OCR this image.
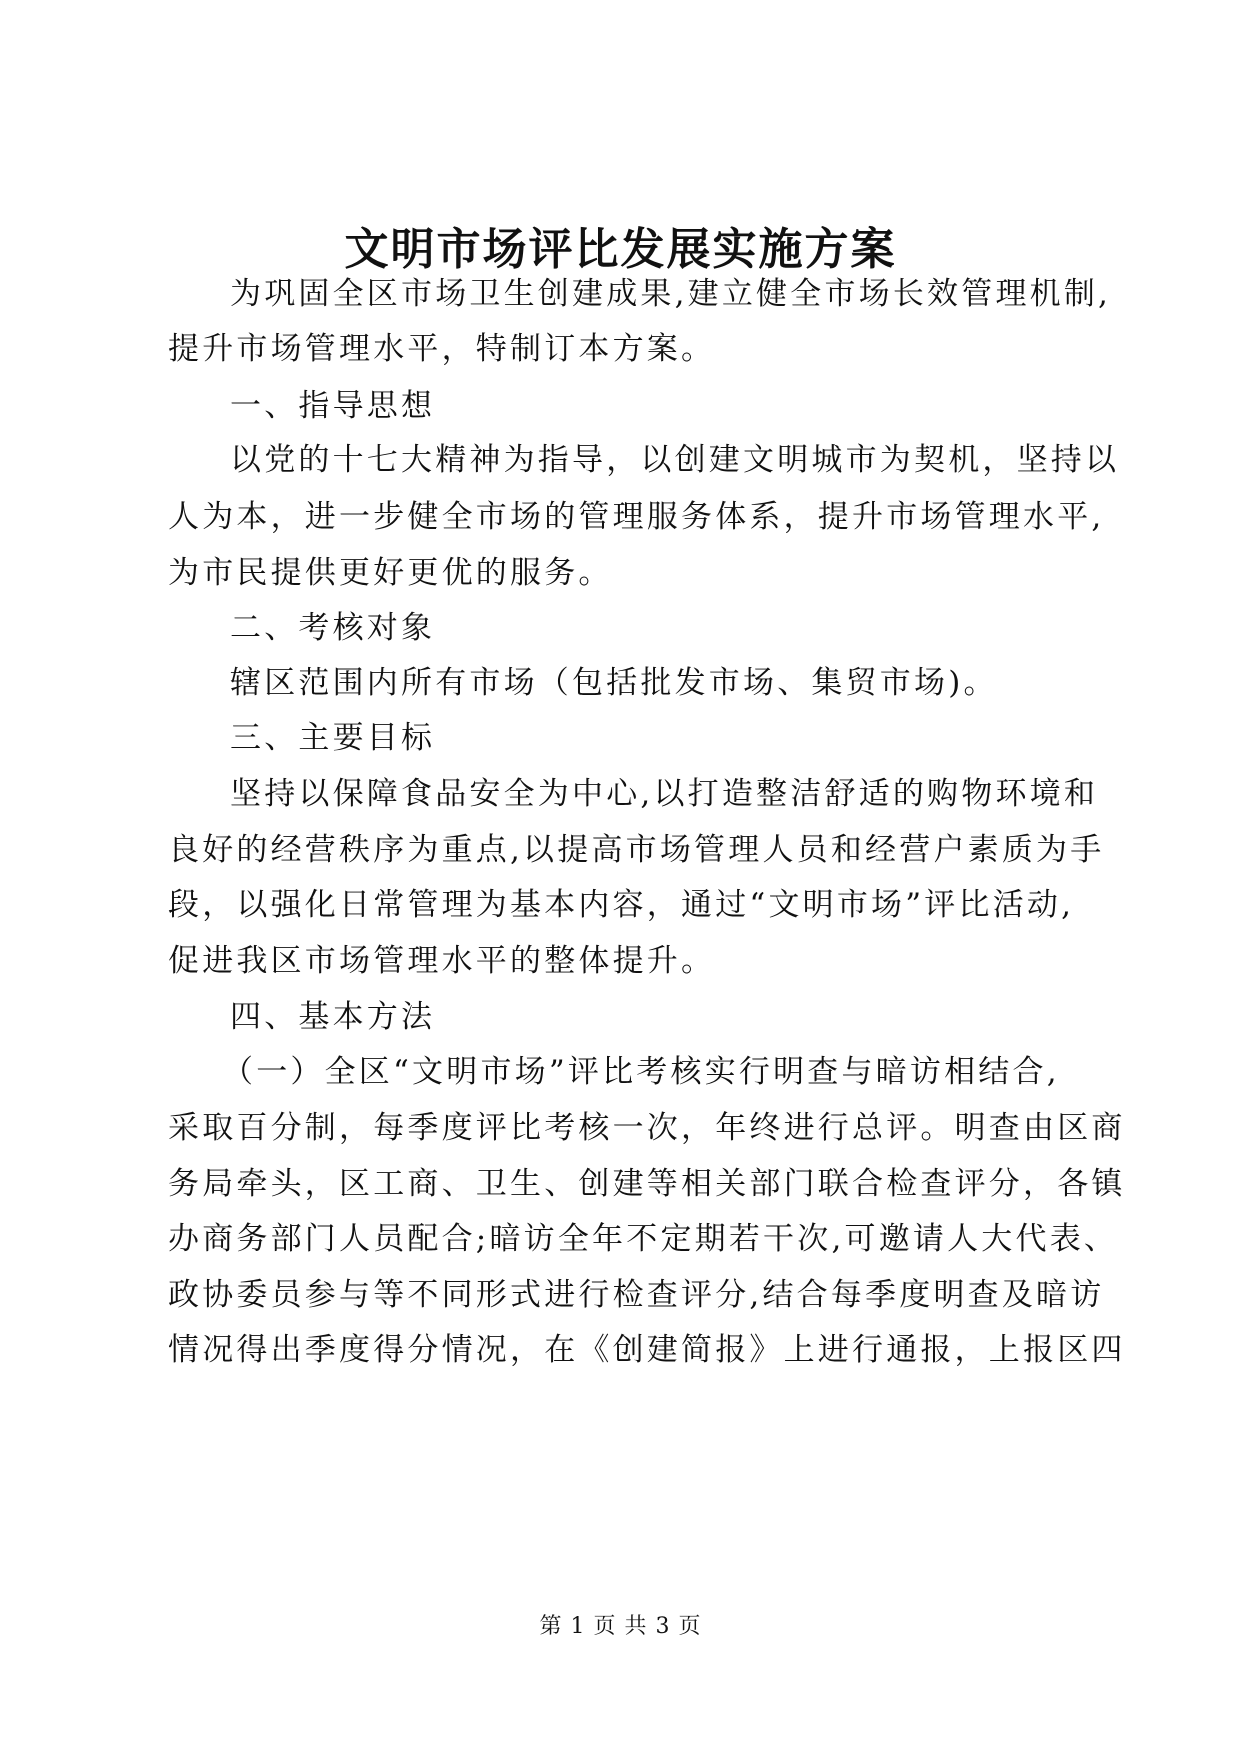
文明市场评比发展实施方案
为巩固全区市场卫生创建成果,建立健全市场长效管理机制,
提升市场管理水平，特制订本方案。
一、指导思想
以党的十七大精神为指导，以创建文明城市为契机，坚持以
人为本，进一步健全市场的管理服务体系，提升市场管理水平,
为市民提供更好更优的服务。
二、考核对象
辖区范围内所有市场（包括批发市场、集贸市场)。
三、主要目标
坚持以保障食品安全为中心,以打造整洁舒适的购物环境和
良好的经营秩序为重点,以提高市场管理人员和经营户素质为手
段，以强化日常管理为基本内容，通过“文明市场”评比活动,
促进我区市场管理水平的整体提升。
四、基本方法
（一）全区“文明市场”评比考核实行明查与暗访相结合,
采取百分制，每季度评比考核一次，年终进行总评。明查由区商
务局牵头，区工商、卫生、创建等相关部门联合检查评分，各镇
办商务部门人员配合;暗访全年不定期若干次,可邀请人大代表、
政协委员参与等不同形式进行检查评分,结合每季度明查及暗访
情况得出季度得分情况，在《创建简报》上进行通报，上报区四
第 1 页 共 3 页
